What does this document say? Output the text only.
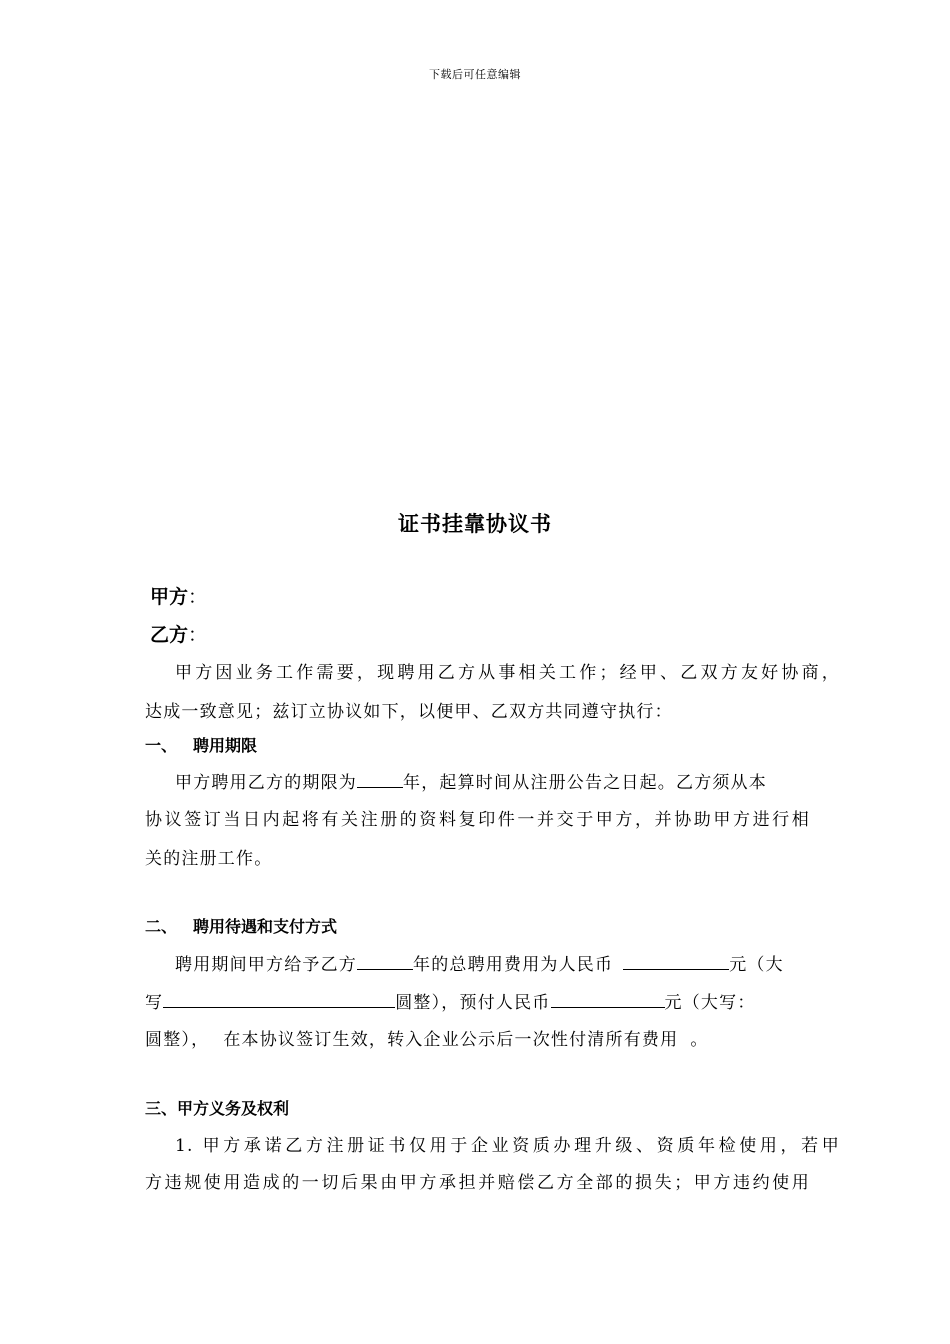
下载后可任意编辑
证书挂靠协议书
甲方：
乙方：
甲方因业务工作需要，现聘用乙方从事相关工作；经甲、乙双方友好协商，
达成一致意见；兹订立协议如下，以便甲、乙双方共同遵守执行：
一、 聘用期限
甲方聘用乙方的期限为	年，起算时间从注册公告之日起。乙方须从本
协议签订当日内起将有关注册的资料复印件一并交于甲方，并协助甲方进行相
关的注册工作。
二、 聘用待遇和支付方式
聘用期间甲方给予乙方	年的总聘用费用为人民币	元（大
写	圆整），预付人民币	元（大写：
圆整）， 在本协议签订生效，转入企业公示后一次性付清所有费用 。
三、甲方义务及权利
1. 甲方承诺乙方注册证书仅用于企业资质办理升级、资质年检使用，若甲
方违规使用造成的一切后果由甲方承担并赔偿乙方全部的损失；甲方违约使用
